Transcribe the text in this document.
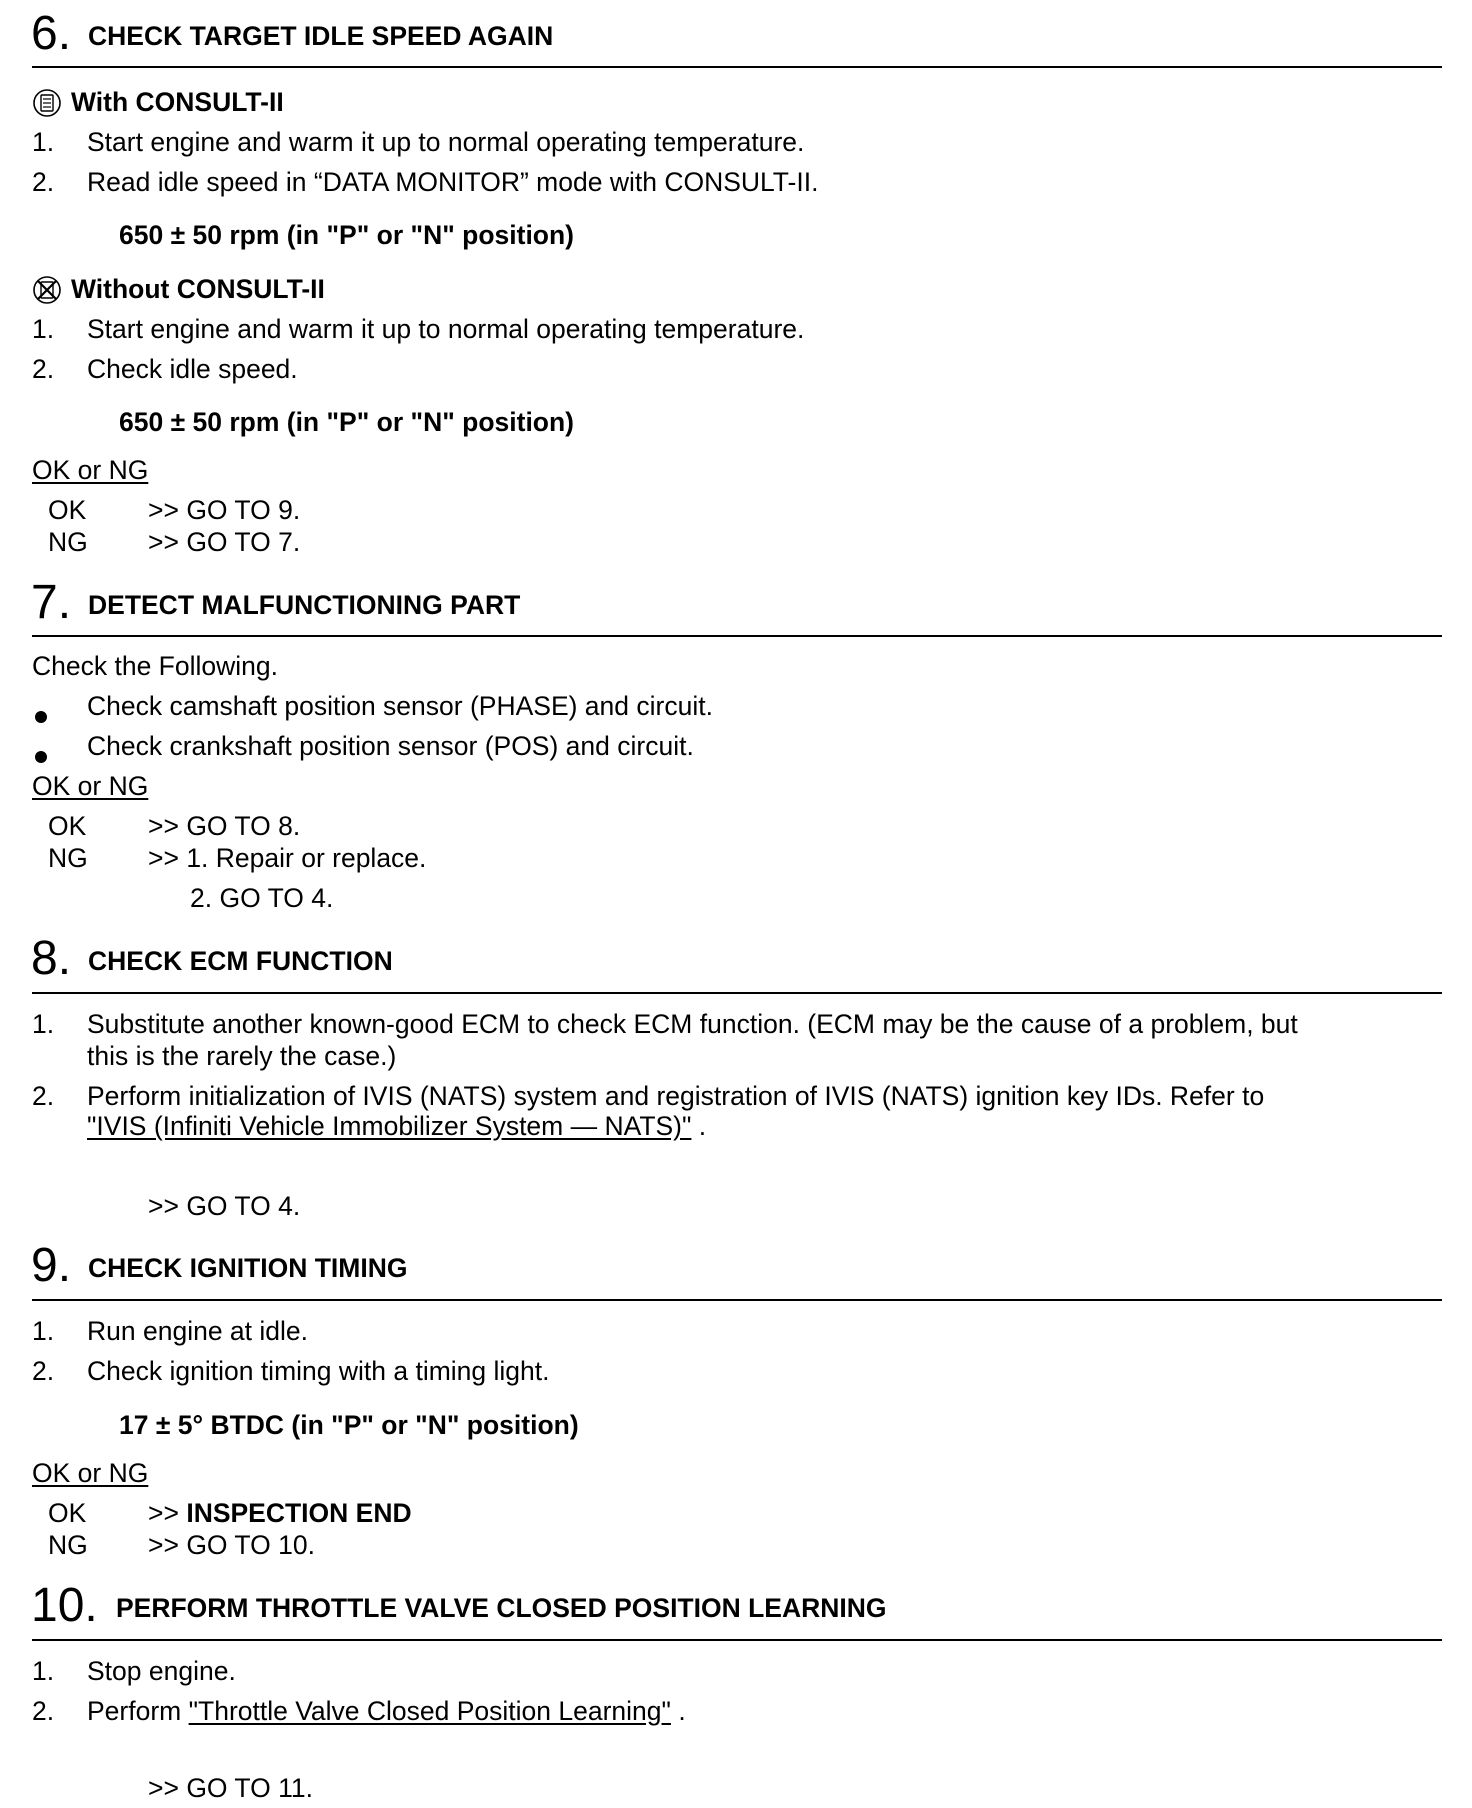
6. CHECK TARGET IDLE SPEED AGAIN
With CONSULT-II
1. Start engine and warm it up to normal operating temperature.
2. Read idle speed in “DATA MONITOR” mode with CONSULT-II.
650 ± 50 rpm (in "P" or "N" position)
Without CONSULT-II
1. Start engine and warm it up to normal operating temperature.
2. Check idle speed.
650 ± 50 rpm (in "P" or "N" position)
OK or NG
OK >> GO TO 9.
NG >> GO TO 7.
7. DETECT MALFUNCTIONING PART
Check the Following.
Check camshaft position sensor (PHASE) and circuit.
Check crankshaft position sensor (POS) and circuit.
OK or NG
OK >> GO TO 8.
NG >> 1. Repair or replace.
2. GO TO 4.
8. CHECK ECM FUNCTION
1. Substitute another known-good ECM to check ECM function. (ECM may be the cause of a problem, but
this is the rarely the case.)
2. Perform initialization of IVIS (NATS) system and registration of IVIS (NATS) ignition key IDs. Refer to
"IVIS (Infiniti Vehicle Immobilizer System — NATS)" .
>> GO TO 4.
9. CHECK IGNITION TIMING
1. Run engine at idle.
2. Check ignition timing with a timing light.
17 ± 5° BTDC (in "P" or "N" position)
OK or NG
OK >> INSPECTION END
NG >> GO TO 10.
10. PERFORM THROTTLE VALVE CLOSED POSITION LEARNING
1. Stop engine.
2. Perform "Throttle Valve Closed Position Learning" .
>> GO TO 11.
